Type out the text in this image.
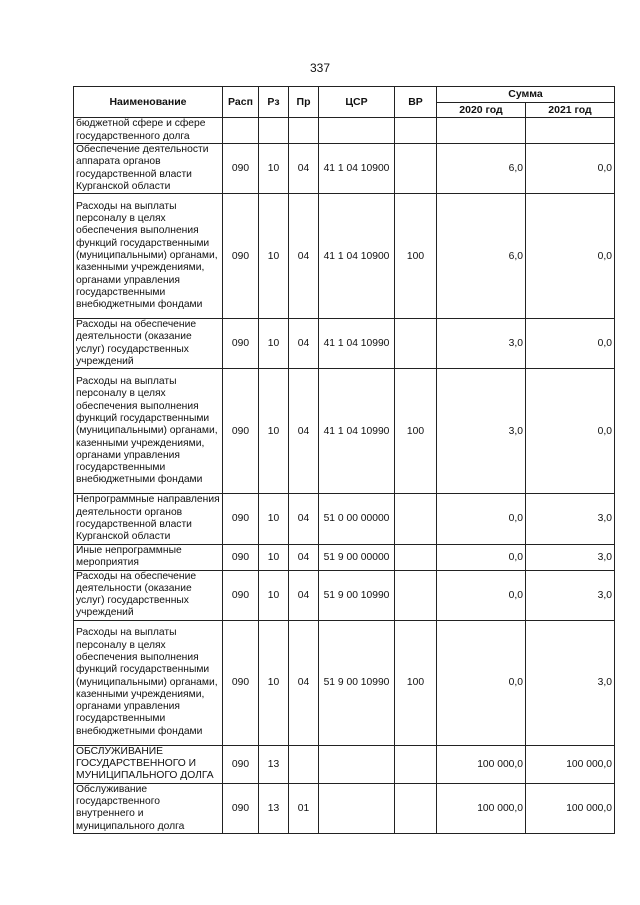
337
Наименование	Расп	Рз	Пр	ЦСР	ВР	Сумма	
						2020 год	2021 год
бюджетной сфере и сфере государственного долга							
Обеспечение деятельности аппарата органов государственной власти Курганской области	090	10	04	41 1 04 10900		6,0	0,0
Расходы на выплаты персоналу в целях обеспечения выполнения функций государственными (муниципальными) органами, казенными учреждениями, органами управления государственными внебюджетными фондами	090	10	04	41 1 04 10900	100	6,0	0,0
Расходы на обеспечение деятельности (оказание услуг) государственных учреждений	090	10	04	41 1 04 10990		3,0	0,0
Расходы на выплаты персоналу в целях обеспечения выполнения функций государственными (муниципальными) органами, казенными учреждениями, органами управления государственными внебюджетными фондами	090	10	04	41 1 04 10990	100	3,0	0,0
Непрограммные направления деятельности органов государственной власти Курганской области	090	10	04	51 0 00 00000		0,0	3,0
Иные непрограммные мероприятия	090	10	04	51 9 00 00000		0,0	3,0
Расходы на обеспечение деятельности (оказание услуг) государственных учреждений	090	10	04	51 9 00 10990		0,0	3,0
Расходы на выплаты персоналу в целях обеспечения выполнения функций государственными (муниципальными) органами, казенными учреждениями, органами управления государственными внебюджетными фондами	090	10	04	51 9 00 10990	100	0,0	3,0
ОБСЛУЖИВАНИЕ ГОСУДАРСТВЕННОГО И МУНИЦИПАЛЬНОГО ДОЛГА	090	13				100 000,0	100 000,0
Обслуживание государственного внутреннего и муниципального долга	090	13	01			100 000,0	100 000,0
